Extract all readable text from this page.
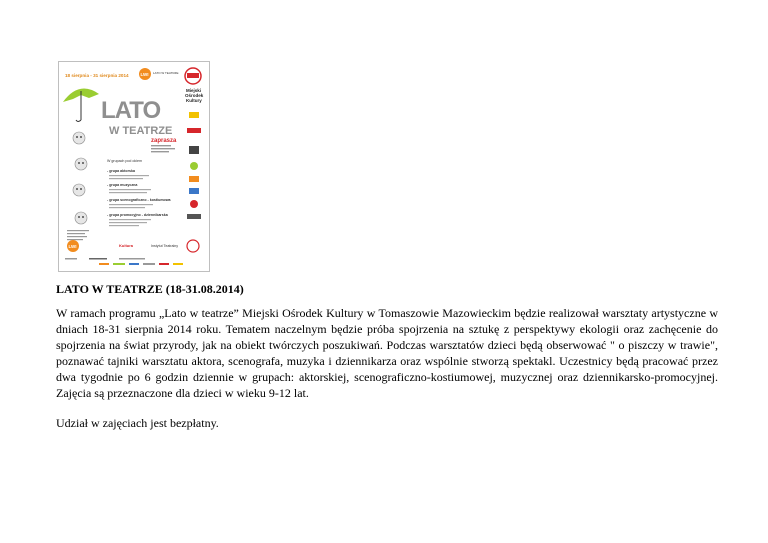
18 sierpnia - 31 sierpnia 2014	LWI LATO W TEATRZE
Miejski
Ośrodek
Kultury
LATO
W TEATRZE
zaprasza
W grupach pod okiem
- grupa aktorska
- grupa muzyczna
- grupa scenograficzno - kostiumowa
- grupa promocyjno - dziennikarska
LWI	Kultura	Instytut Teatralny

LATO W TEATRZE (18-31.08.2014)

W ramach programu „Lato w teatrze” Miejski Ośrodek Kultury w Tomaszowie Mazowieckim będzie realizował warsztaty artystyczne w dniach 18-31 sierpnia 2014 roku. Tematem naczelnym będzie próba spojrzenia na sztukę z perspektywy ekologii oraz zachęcenie do spojrzenia na świat przyrody, jak na obiekt twórczych poszukiwań. Podczas warsztatów dzieci będą obserwować " o piszczy w trawie", poznawać tajniki warsztatu aktora, scenografa, muzyka i dziennikarza oraz wspólnie stworzą spektakl. Uczestnicy będą pracować przez dwa tygodnie po 6 godzin dziennie w grupach: aktorskiej, scenograficzno-kostiumowej, muzycznej oraz dziennikarsko-promocyjnej. Zajęcia są przeznaczone dla dzieci w wieku 9-12 lat.

Udział w zajęciach jest bezpłatny.
